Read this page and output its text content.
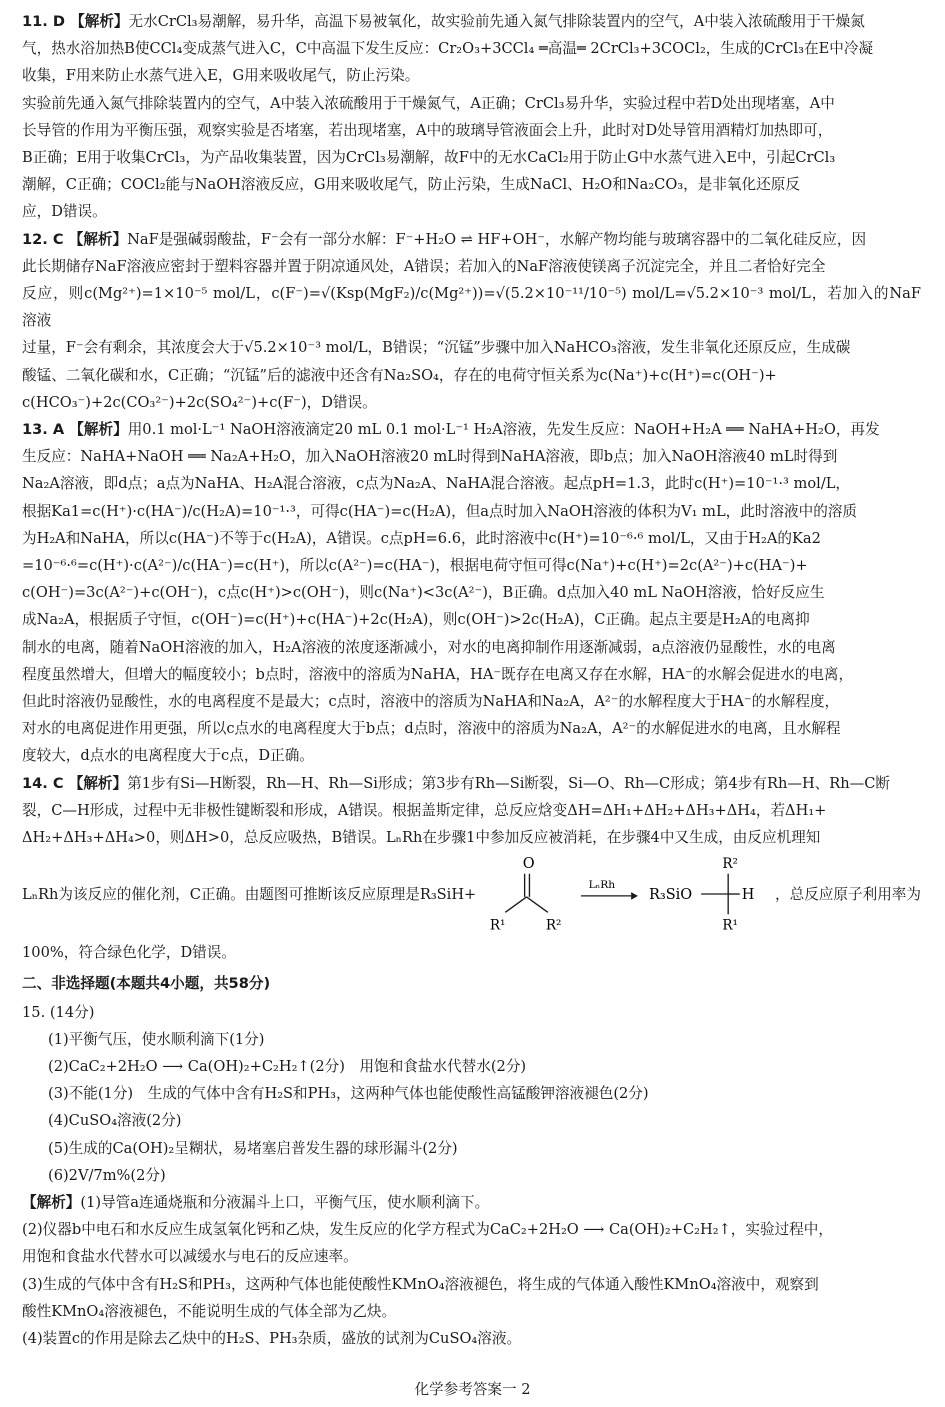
11. D 【解析】无水CrCl₃易潮解，易升华，高温下易被氧化，故实验前先通入氮气排除装置内的空气，A中装入浓硫酸用于干燥氮

气，热水浴加热B使CCl₄变成蒸气进入C，C中高温下发生反应：Cr₂O₃+3CCl₄ ═高温═ 2CrCl₃+3COCl₂，生成的CrCl₃在E中冷凝

收集，F用来防止水蒸气进入E，G用来吸收尾气，防止污染。

实验前先通入氮气排除装置内的空气，A中装入浓硫酸用于干燥氮气，A正确；CrCl₃易升华，实验过程中若D处出现堵塞，A中

长导管的作用为平衡压强，观察实验是否堵塞，若出现堵塞，A中的玻璃导管液面会上升，此时对D处导管用酒精灯加热即可，

B正确；E用于收集CrCl₃，为产品收集装置，因为CrCl₃易潮解，故F中的无水CaCl₂用于防止G中水蒸气进入E中，引起CrCl₃

潮解，C正确；COCl₂能与NaOH溶液反应，G用来吸收尾气，防止污染，生成NaCl、H₂O和Na₂CO₃，是非氧化还原反

应，D错误。

12. C 【解析】NaF是强碱弱酸盐，F⁻会有一部分水解：F⁻+H₂O ⇌ HF+OH⁻，水解产物均能与玻璃容器中的二氧化硅反应，因

此长期储存NaF溶液应密封于塑料容器并置于阴凉通风处，A错误；若加入的NaF溶液使镁离子沉淀完全，并且二者恰好完全

反应，则c(Mg²⁺)=1×10⁻⁵ mol/L，c(F⁻)=√(Ksp(MgF₂)/c(Mg²⁺))=√(5.2×10⁻¹¹/10⁻⁵) mol/L=√5.2×10⁻³ mol/L，若加入的NaF溶液

过量，F⁻会有剩余，其浓度会大于√5.2×10⁻³ mol/L，B错误；“沉锰”步骤中加入NaHCO₃溶液，发生非氧化还原反应，生成碳

酸锰、二氧化碳和水，C正确；“沉锰”后的滤液中还含有Na₂SO₄，存在的电荷守恒关系为c(Na⁺)+c(H⁺)=c(OH⁻)+

c(HCO₃⁻)+2c(CO₃²⁻)+2c(SO₄²⁻)+c(F⁻)，D错误。

13. A 【解析】用0.1 mol·L⁻¹ NaOH溶液滴定20 mL 0.1 mol·L⁻¹ H₂A溶液，先发生反应：NaOH+H₂A ══ NaHA+H₂O，再发

生反应：NaHA+NaOH ══ Na₂A+H₂O，加入NaOH溶液20 mL时得到NaHA溶液，即b点；加入NaOH溶液40 mL时得到

Na₂A溶液，即d点；a点为NaHA、H₂A混合溶液，c点为Na₂A、NaHA混合溶液。起点pH=1.3，此时c(H⁺)=10⁻¹·³ mol/L，

根据Ka1=c(H⁺)·c(HA⁻)/c(H₂A)=10⁻¹·³，可得c(HA⁻)=c(H₂A)，但a点时加入NaOH溶液的体积为V₁ mL，此时溶液中的溶质

为H₂A和NaHA，所以c(HA⁻)不等于c(H₂A)，A错误。c点pH=6.6，此时溶液中c(H⁺)=10⁻⁶·⁶ mol/L，又由于H₂A的Ka2

=10⁻⁶·⁶=c(H⁺)·c(A²⁻)/c(HA⁻)=c(H⁺)，所以c(A²⁻)=c(HA⁻)，根据电荷守恒可得c(Na⁺)+c(H⁺)=2c(A²⁻)+c(HA⁻)+

c(OH⁻)=3c(A²⁻)+c(OH⁻)，c点c(H⁺)>c(OH⁻)，则c(Na⁺)<3c(A²⁻)，B正确。d点加入40 mL NaOH溶液，恰好反应生

成Na₂A，根据质子守恒，c(OH⁻)=c(H⁺)+c(HA⁻)+2c(H₂A)，则c(OH⁻)>2c(H₂A)，C正确。起点主要是H₂A的电离抑

制水的电离，随着NaOH溶液的加入，H₂A溶液的浓度逐渐减小，对水的电离抑制作用逐渐减弱，a点溶液仍显酸性，水的电离

程度虽然增大，但增大的幅度较小；b点时，溶液中的溶质为NaHA，HA⁻既存在电离又存在水解，HA⁻的水解会促进水的电离，

但此时溶液仍显酸性，水的电离程度不是最大；c点时，溶液中的溶质为NaHA和Na₂A，A²⁻的水解程度大于HA⁻的水解程度，

对水的电离促进作用更强，所以c点水的电离程度大于b点；d点时，溶液中的溶质为Na₂A，A²⁻的水解促进水的电离，且水解程

度较大，d点水的电离程度大于c点，D正确。

14. C 【解析】第1步有Si—H断裂，Rh—H、Rh—Si形成；第3步有Rh—Si断裂，Si—O、Rh—C形成；第4步有Rh—H、Rh—C断

裂，C—H形成，过程中无非极性键断裂和形成，A错误。根据盖斯定律，总反应焓变ΔH=ΔH₁+ΔH₂+ΔH₃+ΔH₄，若ΔH₁+

ΔH₂+ΔH₃+ΔH₄>0，则ΔH>0，总反应吸热，B错误。LₙRh在步骤1中参加反应被消耗，在步骤4中又生成，由反应机理知

LₙRh为该反应的催化剂，C正确。由题图可推断该反应原理是R₃SiH+
O
R¹	R²
LₙRh
R₃SiO
R²
H
R¹
，总反应原子利用率为

100%，符合绿色化学，D错误。

二、非选择题(本题共4小题，共58分)

15. (14分)

(1)平衡气压，使水顺利滴下(1分)

(2)CaC₂+2H₂O ⟶ Ca(OH)₂+C₂H₂↑(2分)　用饱和食盐水代替水(2分)

(3)不能(1分)　生成的气体中含有H₂S和PH₃，这两种气体也能使酸性高锰酸钾溶液褪色(2分)

(4)CuSO₄溶液(2分)

(5)生成的Ca(OH)₂呈糊状，易堵塞启普发生器的球形漏斗(2分)

(6)2V/7m%(2分)

【解析】(1)导管a连通烧瓶和分液漏斗上口，平衡气压，使水顺利滴下。

(2)仪器b中电石和水反应生成氢氧化钙和乙炔，发生反应的化学方程式为CaC₂+2H₂O ⟶ Ca(OH)₂+C₂H₂↑，实验过程中，

用饱和食盐水代替水可以减缓水与电石的反应速率。

(3)生成的气体中含有H₂S和PH₃，这两种气体也能使酸性KMnO₄溶液褪色，将生成的气体通入酸性KMnO₄溶液中，观察到

酸性KMnO₄溶液褪色，不能说明生成的气体全部为乙炔。

(4)装置c的作用是除去乙炔中的H₂S、PH₃杂质，盛放的试剂为CuSO₄溶液。

化学参考答案一 2
